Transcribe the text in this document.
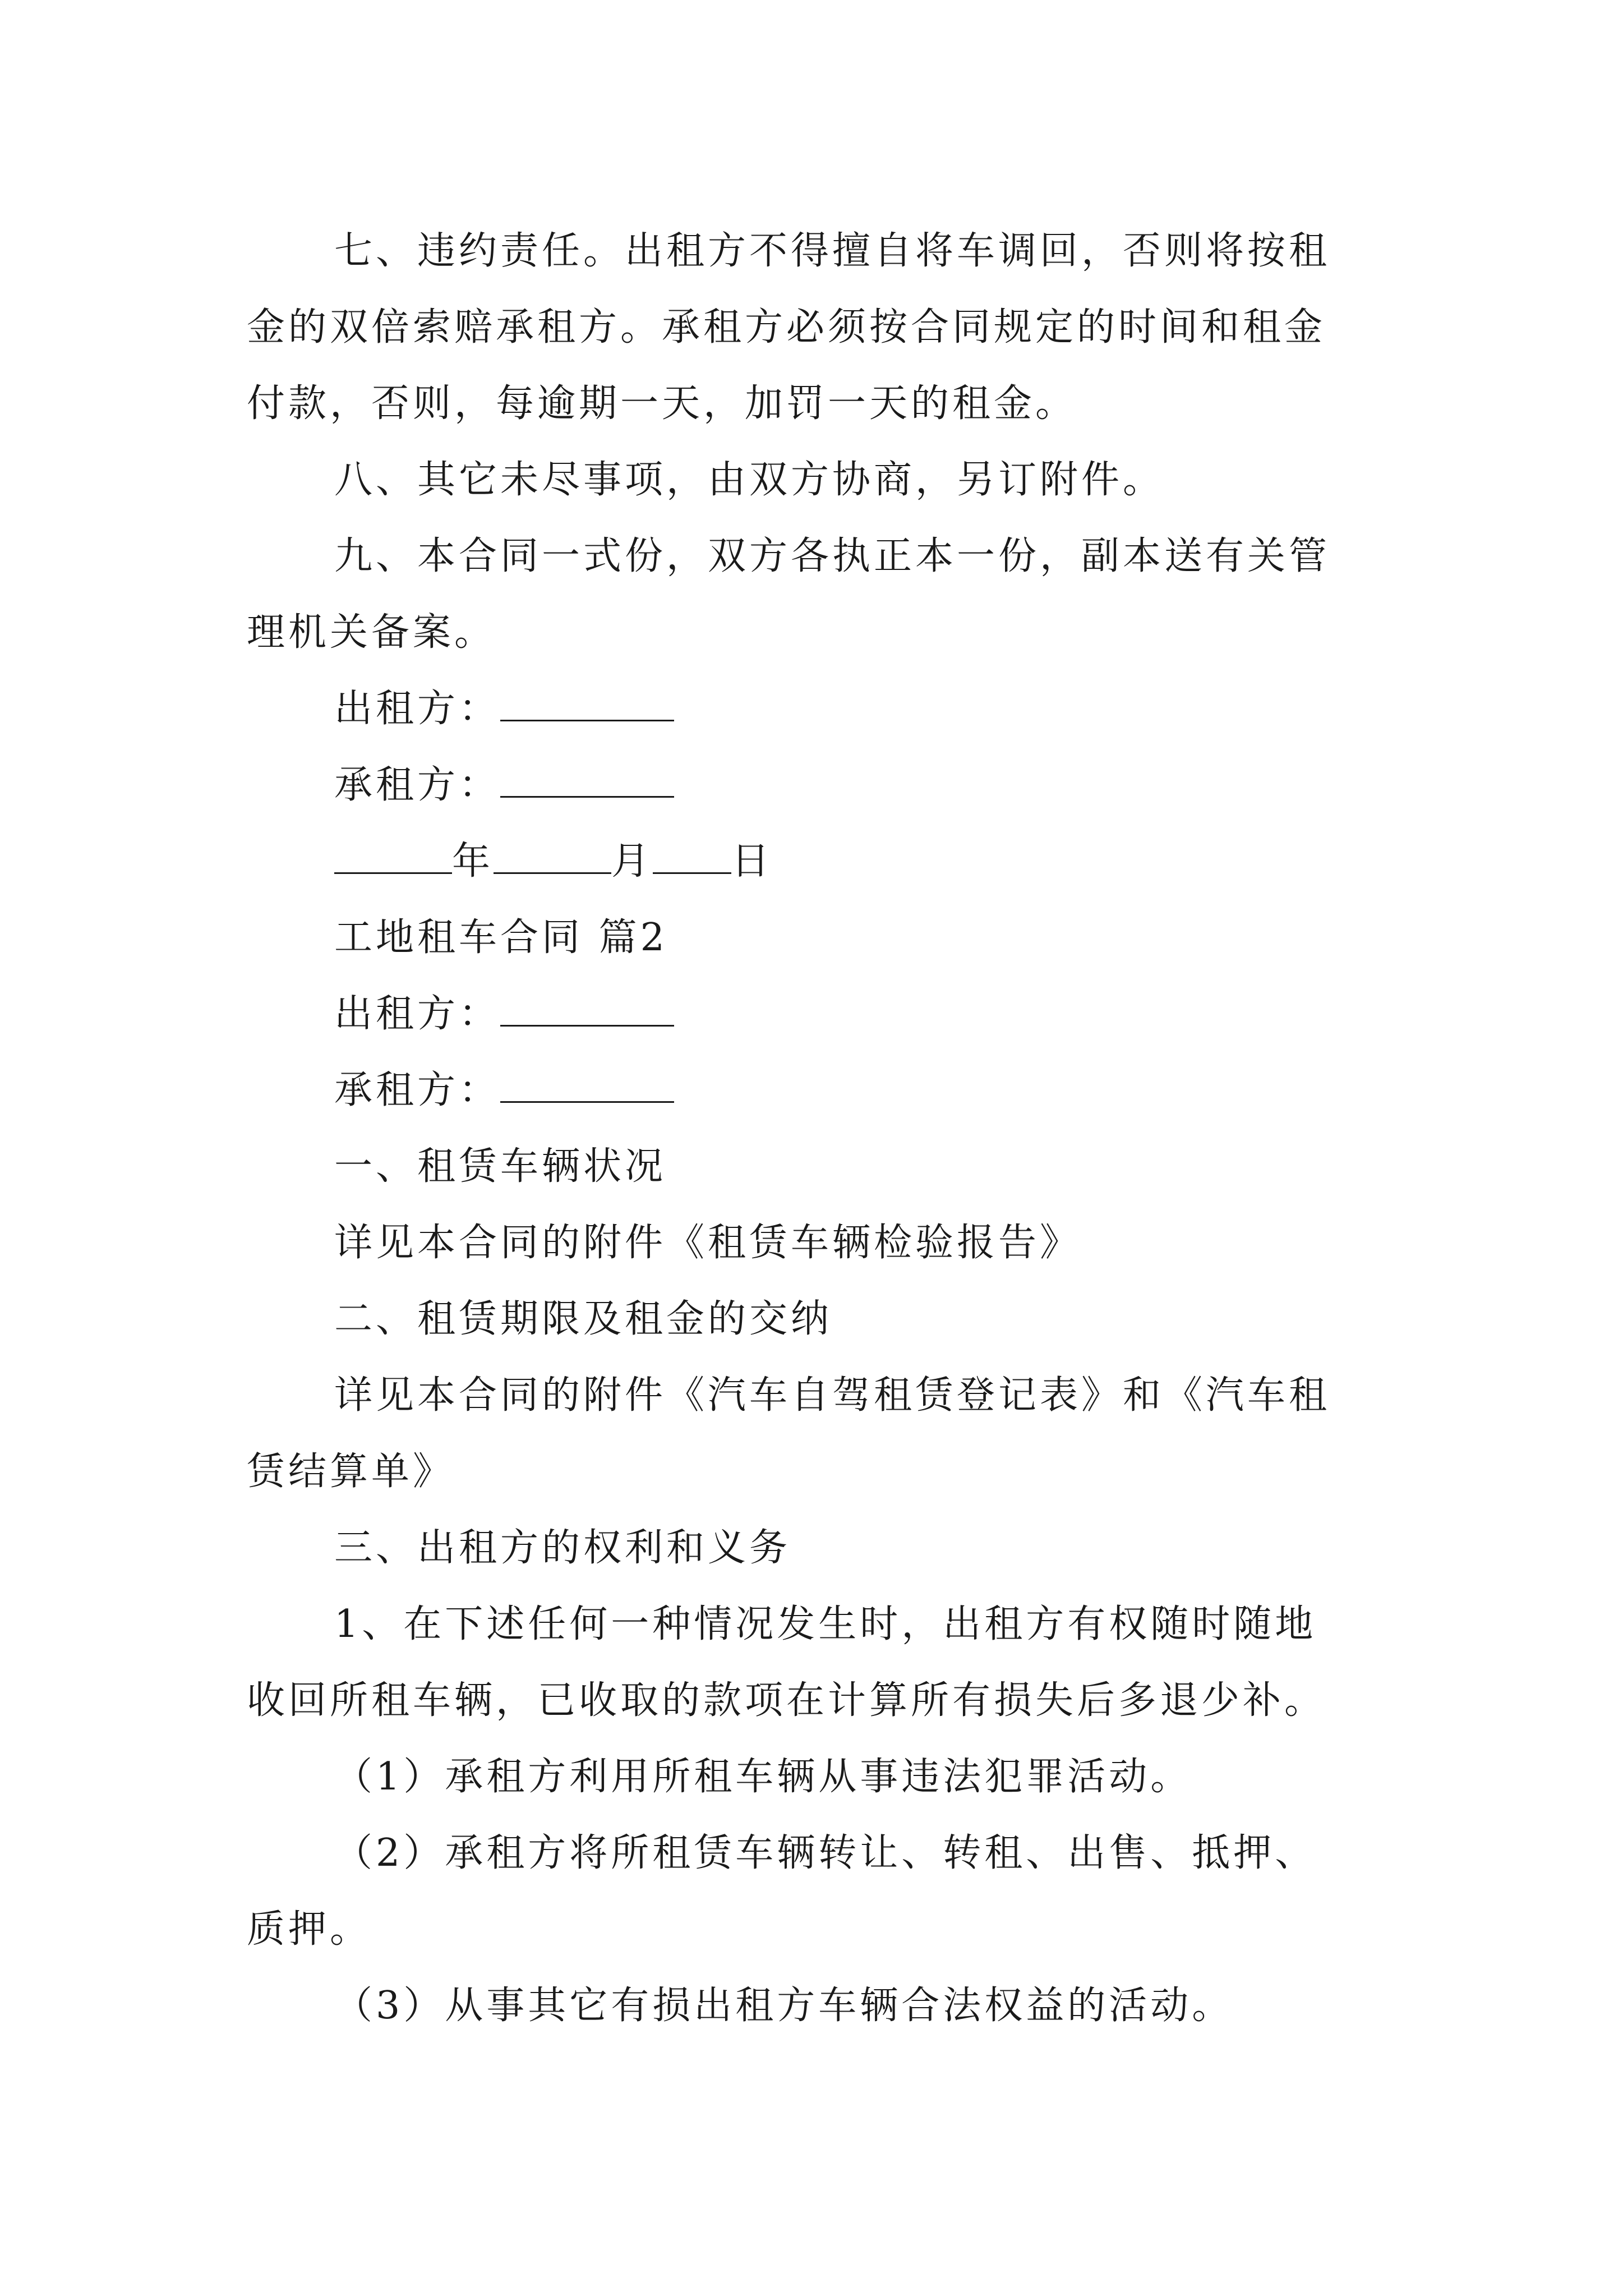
七、违约责任。出租方不得擅自将车调回，否则将按租
金的双倍索赔承租方。承租方必须按合同规定的时间和租金
付款，否则，每逾期一天，加罚一天的租金。
八、其它未尽事项，由双方协商，另订附件。
九、本合同一式份，双方各执正本一份，副本送有关管
理机关备案。
出租方：
承租方：
年	月 日
工地租车合同 篇2
出租方：
承租方：
一、租赁车辆状况
详见本合同的附件《租赁车辆检验报告》
二、租赁期限及租金的交纳
详见本合同的附件《汽车自驾租赁登记表》和《汽车租
赁结算单》
三、出租方的权利和义务
1、在下述任何一种情况发生时，出租方有权随时随地
收回所租车辆，已收取的款项在计算所有损失后多退少补。
（1）承租方利用所租车辆从事违法犯罪活动。
（2）承租方将所租赁车辆转让、转租、出售、抵押、
质押。
（3）从事其它有损出租方车辆合法权益的活动。
